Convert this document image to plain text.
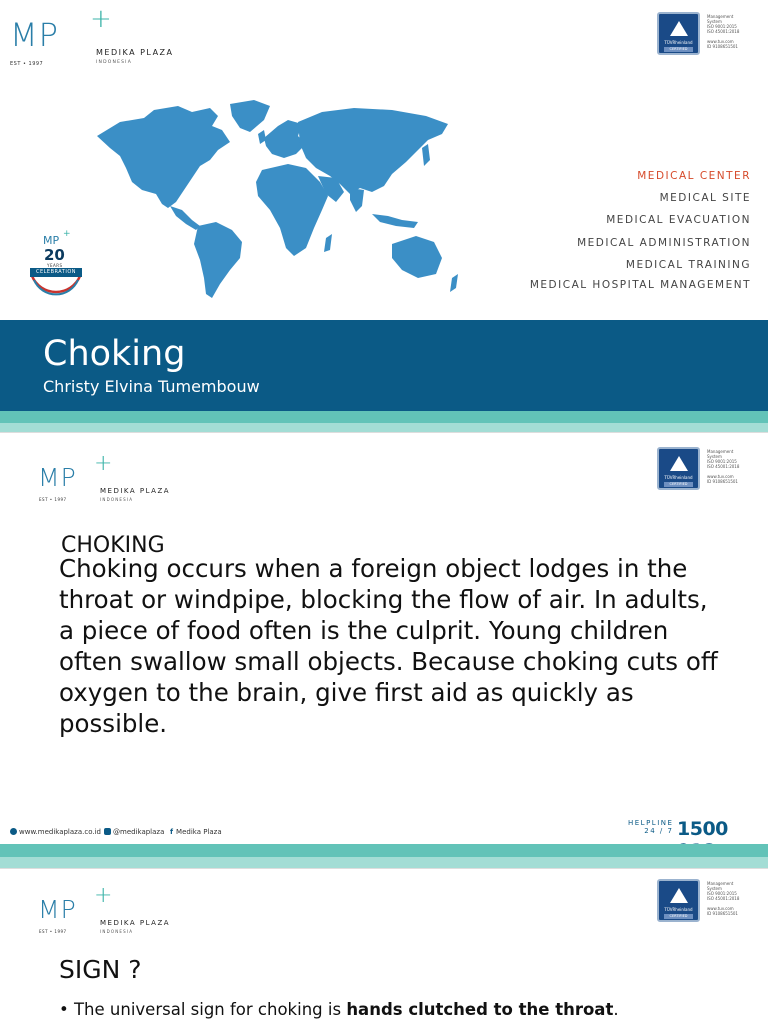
MP +
EST • 1997
MEDIKA PLAZA
INDONESIA
TÜVRheinland
CERTIFIED
Management
System
ISO 9001:2015
ISO 45001:2018

www.tuv.com
ID 9108651501
MP +
20
YEARS
CELEBRATION
MEDICAL CENTER
MEDICAL SITE
MEDICAL EVACUATION
MEDICAL ADMINISTRATION
MEDICAL TRAINING
MEDICAL HOSPITAL MANAGEMENT
Choking
Christy Elvina Tumembouw
MP +
EST • 1997
MEDIKA PLAZA
INDONESIA
TÜVRheinland
CERTIFIED
Management
System
ISO 9001:2015
ISO 45001:2018

www.tuv.com
ID 9108651501
CHOKING
Choking occurs when a foreign object lodges in the throat or windpipe, blocking the flow of air. In adults, a piece of food often is the culprit. Young children often swallow small objects. Because choking cuts off oxygen to the brain, give first aid as quickly as possible.
www.medikaplaza.co.id	@medikaplaza f Medika Plaza
HELPLINE
24 / 7 1500
MP +
EST • 1997
MEDIKA PLAZA
INDONESIA
TÜVRheinland
CERTIFIED
Management
System
ISO 9001:2015
ISO 45001:2018

www.tuv.com
ID 9108651501
SIGN ?
• The universal sign for choking is hands clutched to the throat.
